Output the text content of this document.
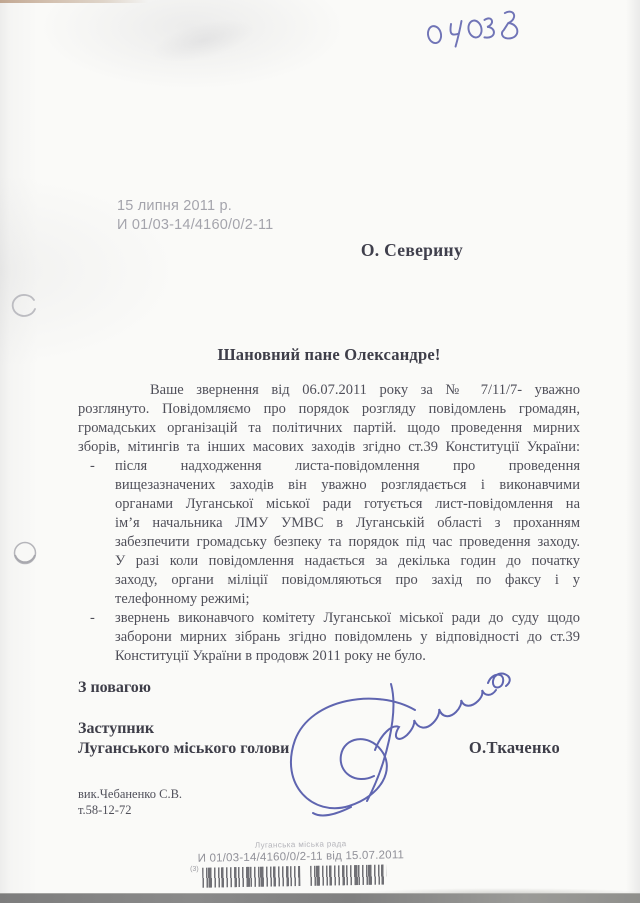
15 липня 2011 р.
И 01/03-14/4160/0/2-11
О. Северину
Шановний пане Олександре!
Ваше звернення від 06.07.2011 року за № 7/11/7- уважно
розглянуто. Повідомляємо про порядок розгляду повідомлень громадян,
громадських організацій та політичних партій. щодо проведення мирних
зборів, мітингів та інших масових заходів згідно ст.39 Конституції України:
- після надходження листа-повідомлення про проведення
вищезазначених заходів він уважно розглядається і виконавчими
органами Луганської міської ради готується лист-повідомлення на
ім’я начальника ЛМУ УМВС в Луганській області з проханням
забезпечити громадську безпеку та порядок під час проведення заходу.
У разі коли повідомлення надається за декілька годин до початку
заходу, органи міліції повідомляються про захід по факсу і у
телефонному режимі;
- звернень виконавчого комітету Луганської міської ради до суду щодо
заборони мирних зібрань згідно повідомлень у відповідності до ст.39
Конституції України в продовж 2011 року не було.
З повагою
Заступник
Луганського міського голови	О.Ткаченко
вик.Чебаненко С.В.
т.58-12-72
Луганська міська рада
И 01/03-14/4160/0/2-11 від 15.07.2011
(3)
